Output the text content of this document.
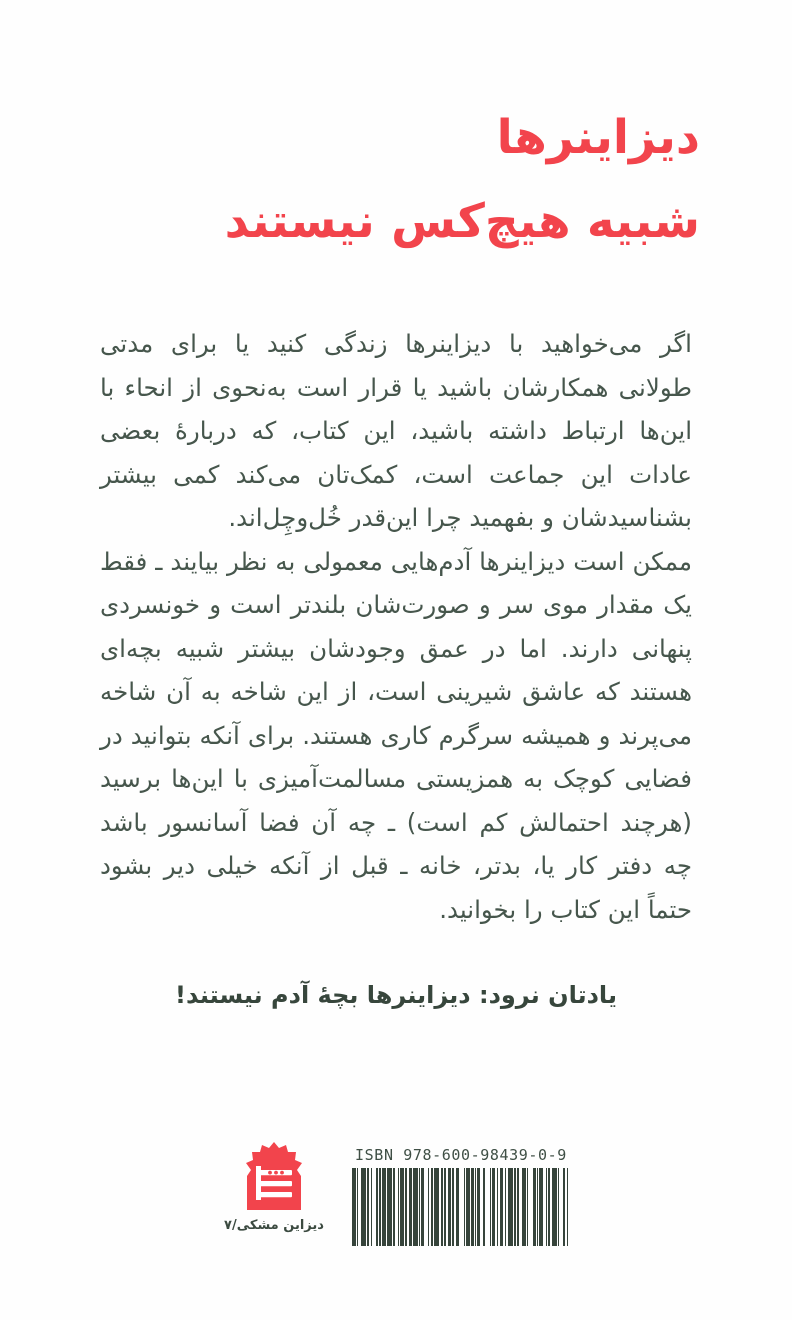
دیزاینرها
شبیه هیچ‌کس نیستند

اگر می‌خواهید با دیزاینرها زندگی کنید یا برای مدتی طولانی همکارشان باشید یا قرار است به‌نحوی از انحاء با این‌ها ارتباط داشته باشید، این کتاب، که دربارهٔ بعضی عادات این جماعت است، کمک‌تان می‌کند کمی بیشتر بشناسیدشان و بفهمید چرا این‌قدر خُل‌وچِل‌اند.

ممکن است دیزاینرها آدم‌هایی معمولی به نظر بیایند ـ فقط یک مقدار موی سر و صورت‌شان بلندتر است و خونسردی پنهانی دارند. اما در عمق وجودشان بیشتر شبیه بچه‌ای هستند که عاشق شیرینی است، از این شاخه به آن شاخه می‌پرند و همیشه سرگرم کاری هستند. برای آنکه بتوانید در فضایی کوچک به همزیستی مسالمت‌آمیزی با این‌ها برسید (هرچند احتمالش کم است) ـ چه آن فضا آسانسور باشد چه دفتر کار یا، بدتر، خانه ـ قبل از آنکه خیلی دیر بشود حتماً این کتاب را بخوانید.

یادتان نرود: دیزاینرها بچهٔ آدم نیستند!
دیزاین مشکی/۷
ISBN 978-600-98439-0-9
